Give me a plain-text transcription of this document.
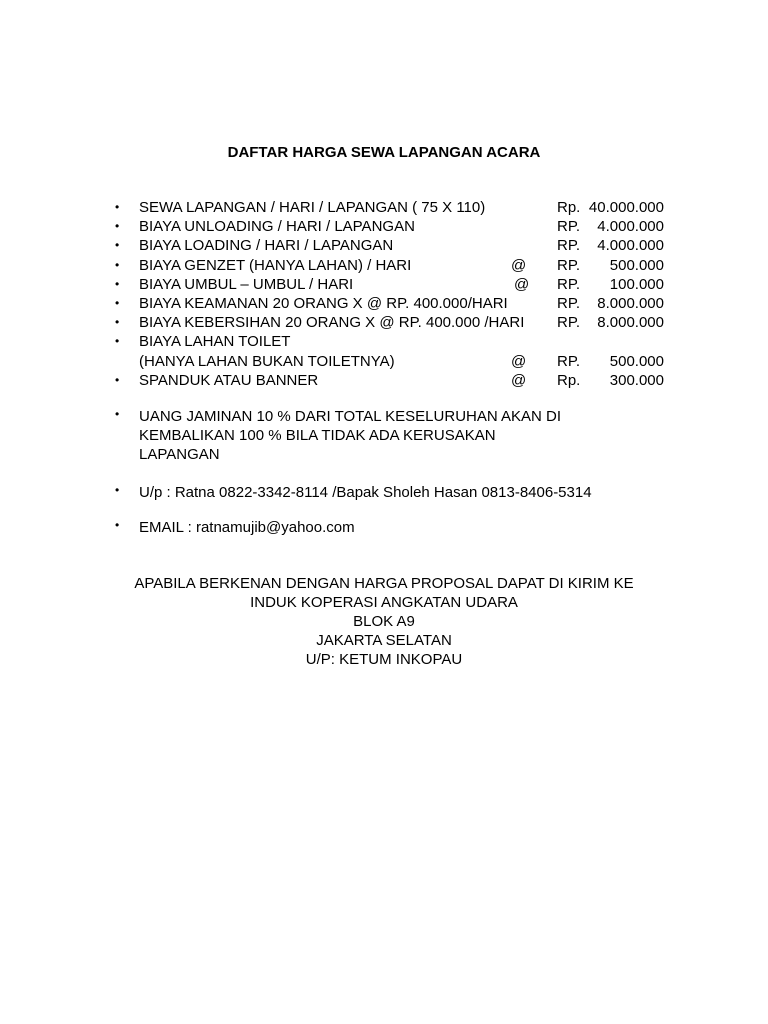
DAFTAR HARGA SEWA LAPANGAN ACARA
• SEWA LAPANGAN / HARI / LAPANGAN ( 75 X 110)	Rp. 40.000.000
• BIAYA UNLOADING / HARI / LAPANGAN	RP. 4.000.000
• BIAYA LOADING / HARI / LAPANGAN	RP. 4.000.000
• BIAYA GENZET (HANYA LAHAN) / HARI	@ RP. 500.000
• BIAYA UMBUL – UMBUL / HARI	@ RP. 100.000
• BIAYA KEAMANAN 20 ORANG X @ RP. 400.000/HARI	RP. 8.000.000
• BIAYA KEBERSIHAN 20 ORANG X @ RP. 400.000 /HARI RP. 8.000.000
• BIAYA LAHAN TOILET
(HANYA LAHAN BUKAN TOILETNYA)	@ RP. 500.000
• SPANDUK ATAU BANNER	@ Rp. 300.000
• UANG JAMINAN 10 % DARI TOTAL KESELURUHAN AKAN DI
KEMBALIKAN 100 % BILA TIDAK ADA KERUSAKAN
LAPANGAN
• U/p : Ratna 0822-3342-8114 /Bapak Sholeh Hasan 0813-8406-5314
• EMAIL : ratnamujib@yahoo.com
APABILA BERKENAN DENGAN HARGA PROPOSAL DAPAT DI KIRIM KE
INDUK KOPERASI ANGKATAN UDARA
BLOK A9
JAKARTA SELATAN
U/P: KETUM INKOPAU
